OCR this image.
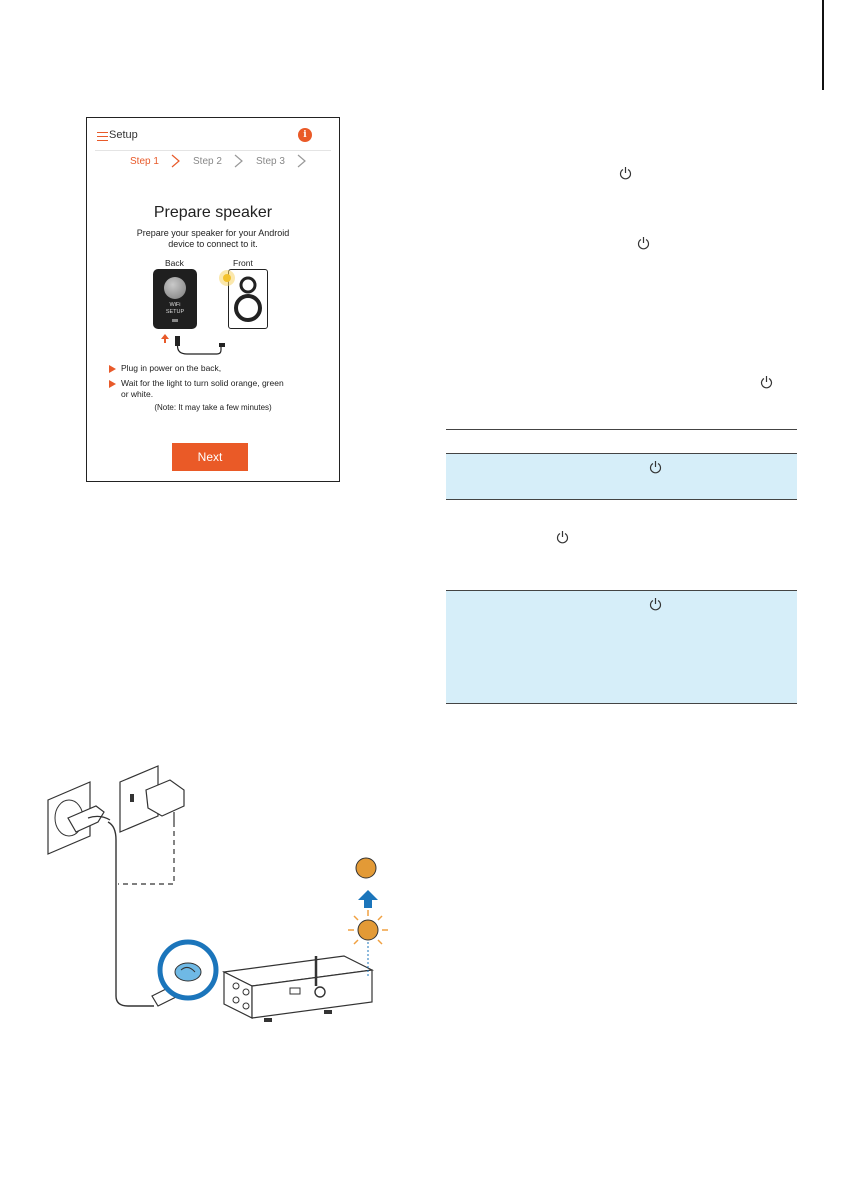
Setup	i
Step 1	Step 2	Step 3
Prepare speaker
Prepare your speaker for your Android
device to connect to it.
Back	Front
WiFi
SETUP
Plug in power on the back,
Wait for the light to turn solid orange, green
or white.
(Note: It may take a few minutes)
Next
